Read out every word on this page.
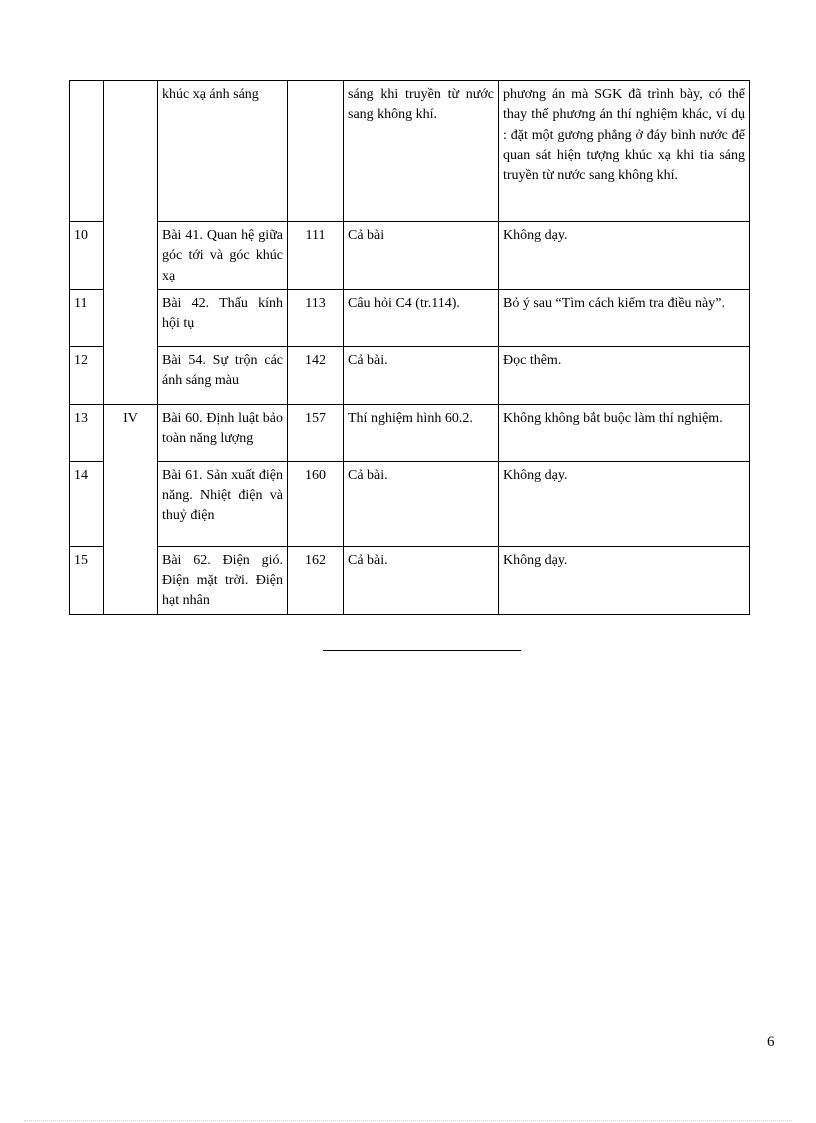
		khúc xạ ánh sáng		sáng khi truyền từ nước sang không khí.	phương án mà SGK đã trình bày, có thể thay thế phương án thí nghiệm khác, ví dụ : đặt một gương phẳng ở đáy bình nước để quan sát hiện tượng khúc xạ khi tia sáng truyền từ nước sang không khí.
10		Bài 41. Quan hệ giữa góc tới và góc khúc xạ	111	Cả bài	Không dạy.
11		Bài 42. Thấu kính hội tụ	113	Câu hỏi C4 (tr.114).	Bỏ ý sau “Tìm cách kiểm tra điều này”.
12		Bài 54. Sự trộn các ánh sáng màu	142	Cả bài.	Đọc thêm.
13	IV	Bài 60. Định luật bảo toàn năng lượng	157	Thí nghiệm hình 60.2.	Không không bắt buộc làm thí nghiệm.
14		Bài 61. Sản xuất điện năng. Nhiệt điện và thuỷ điện	160	Cả bài.	Không dạy.
15		Bài 62. Điện gió. Điện mặt trời. Điện hạt nhân	162	Cả bài.	Không dạy.
6
